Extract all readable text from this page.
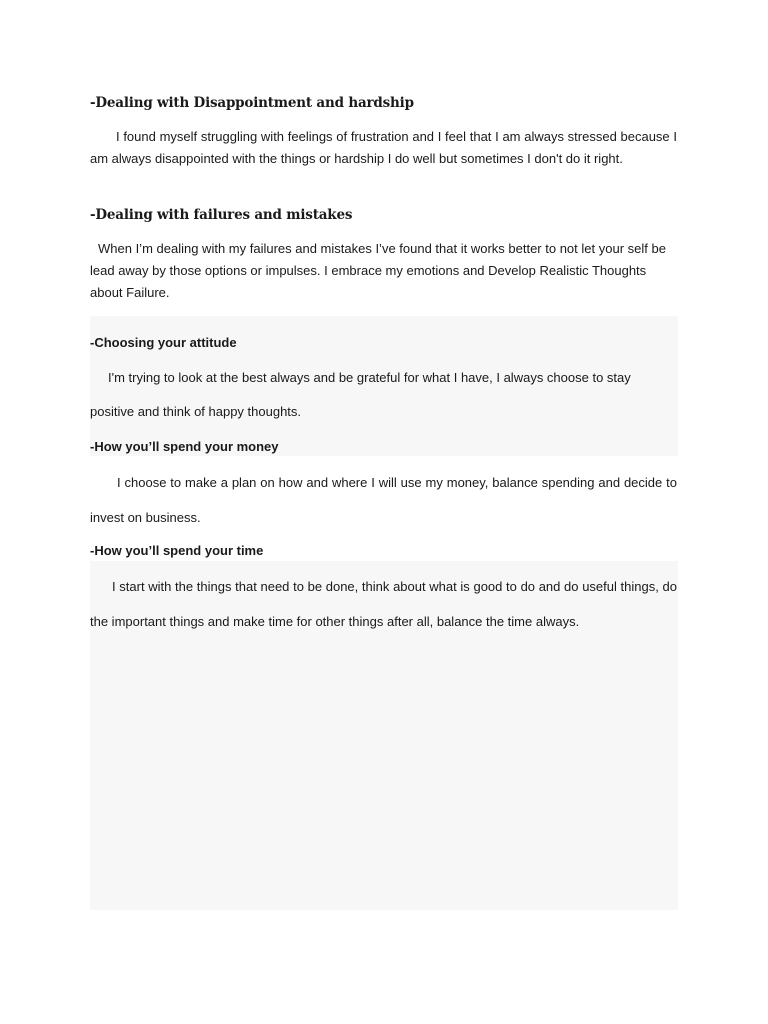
-Dealing with Disappointment and hardship

I found myself struggling with feelings of frustration and I feel that I am always stressed because I am always disappointed with the things or hardship I do well but sometimes I don't do it right.

-Dealing with failures and mistakes

When I’m dealing with my failures and mistakes I’ve found that it works better to not let your self be lead away by those options or impulses. I embrace my emotions and Develop Realistic Thoughts about Failure.

-Choosing your attitude

I'm trying to look at the best always and be grateful for what I have, I always choose to stay positive and think of happy thoughts.

-How you’ll spend your money

I choose to make a plan on how and where I will use my money, balance spending and decide to invest on business.

-How you’ll spend your time

I start with the things that need to be done, think about what is good to do and do useful things, do the important things and make time for other things after all, balance the time always.
